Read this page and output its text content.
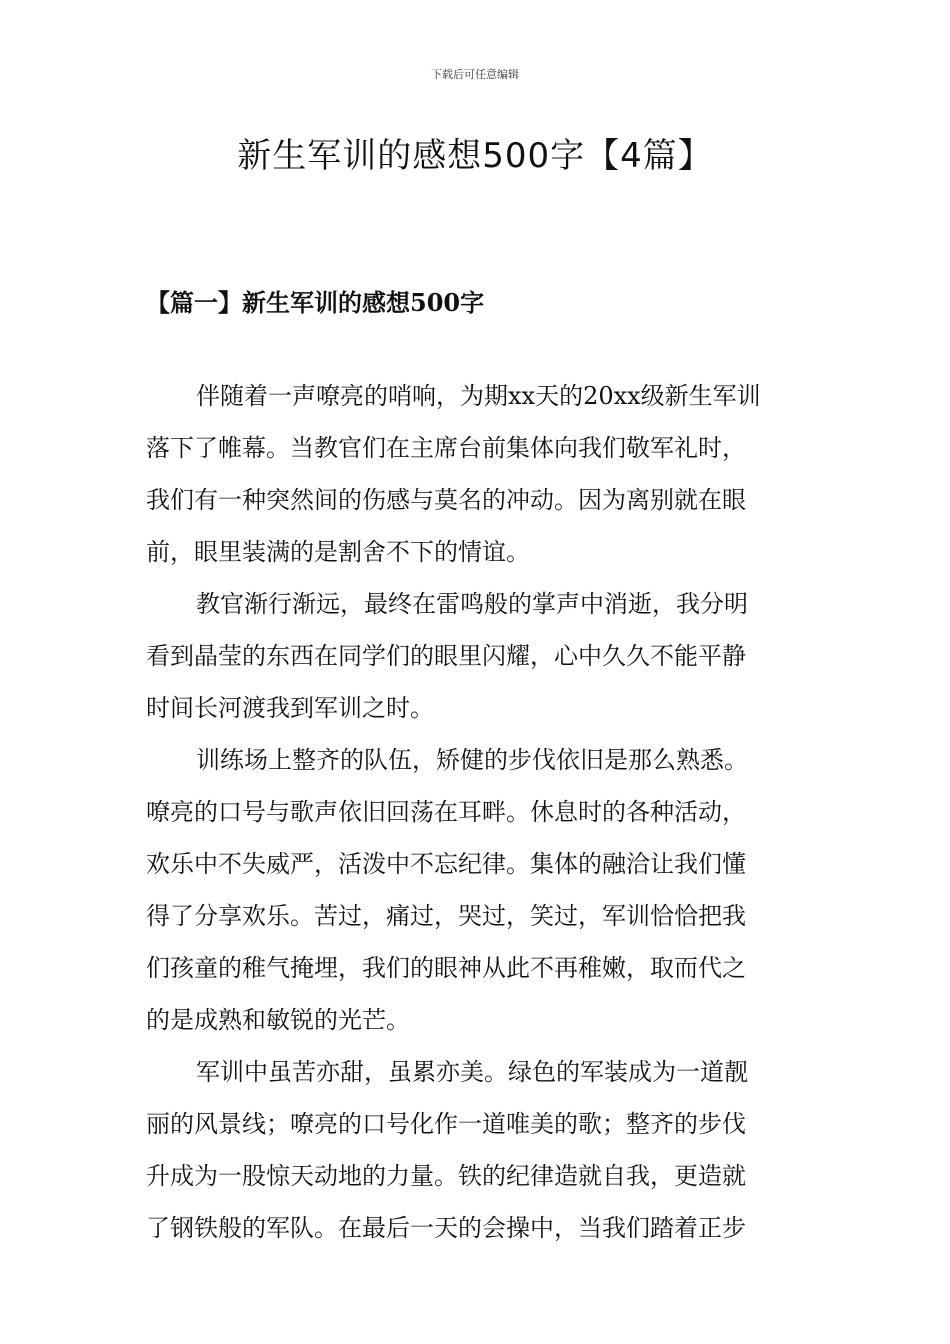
下载后可任意编辑
新生军训的感想500字【4篇】
【篇一】新生军训的感想500字
伴随着一声嘹亮的哨响，为期xx天的20xx级新生军训
落下了帷幕。当教官们在主席台前集体向我们敬军礼时，
我们有一种突然间的伤感与莫名的冲动。因为离别就在眼
前，眼里装满的是割舍不下的情谊。
教官渐行渐远，最终在雷鸣般的掌声中消逝，我分明
看到晶莹的东西在同学们的眼里闪耀，心中久久不能平静
时间长河渡我到军训之时。
训练场上整齐的队伍，矫健的步伐依旧是那么熟悉。
嘹亮的口号与歌声依旧回荡在耳畔。休息时的各种活动，
欢乐中不失威严，活泼中不忘纪律。集体的融洽让我们懂
得了分享欢乐。苦过，痛过，哭过，笑过，军训恰恰把我
们孩童的稚气掩埋，我们的眼神从此不再稚嫩，取而代之
的是成熟和敏锐的光芒。
军训中虽苦亦甜，虽累亦美。绿色的军装成为一道靓
丽的风景线；嘹亮的口号化作一道唯美的歌；整齐的步伐
升成为一股惊天动地的力量。铁的纪律造就自我，更造就
了钢铁般的军队。在最后一天的会操中，当我们踏着正步
